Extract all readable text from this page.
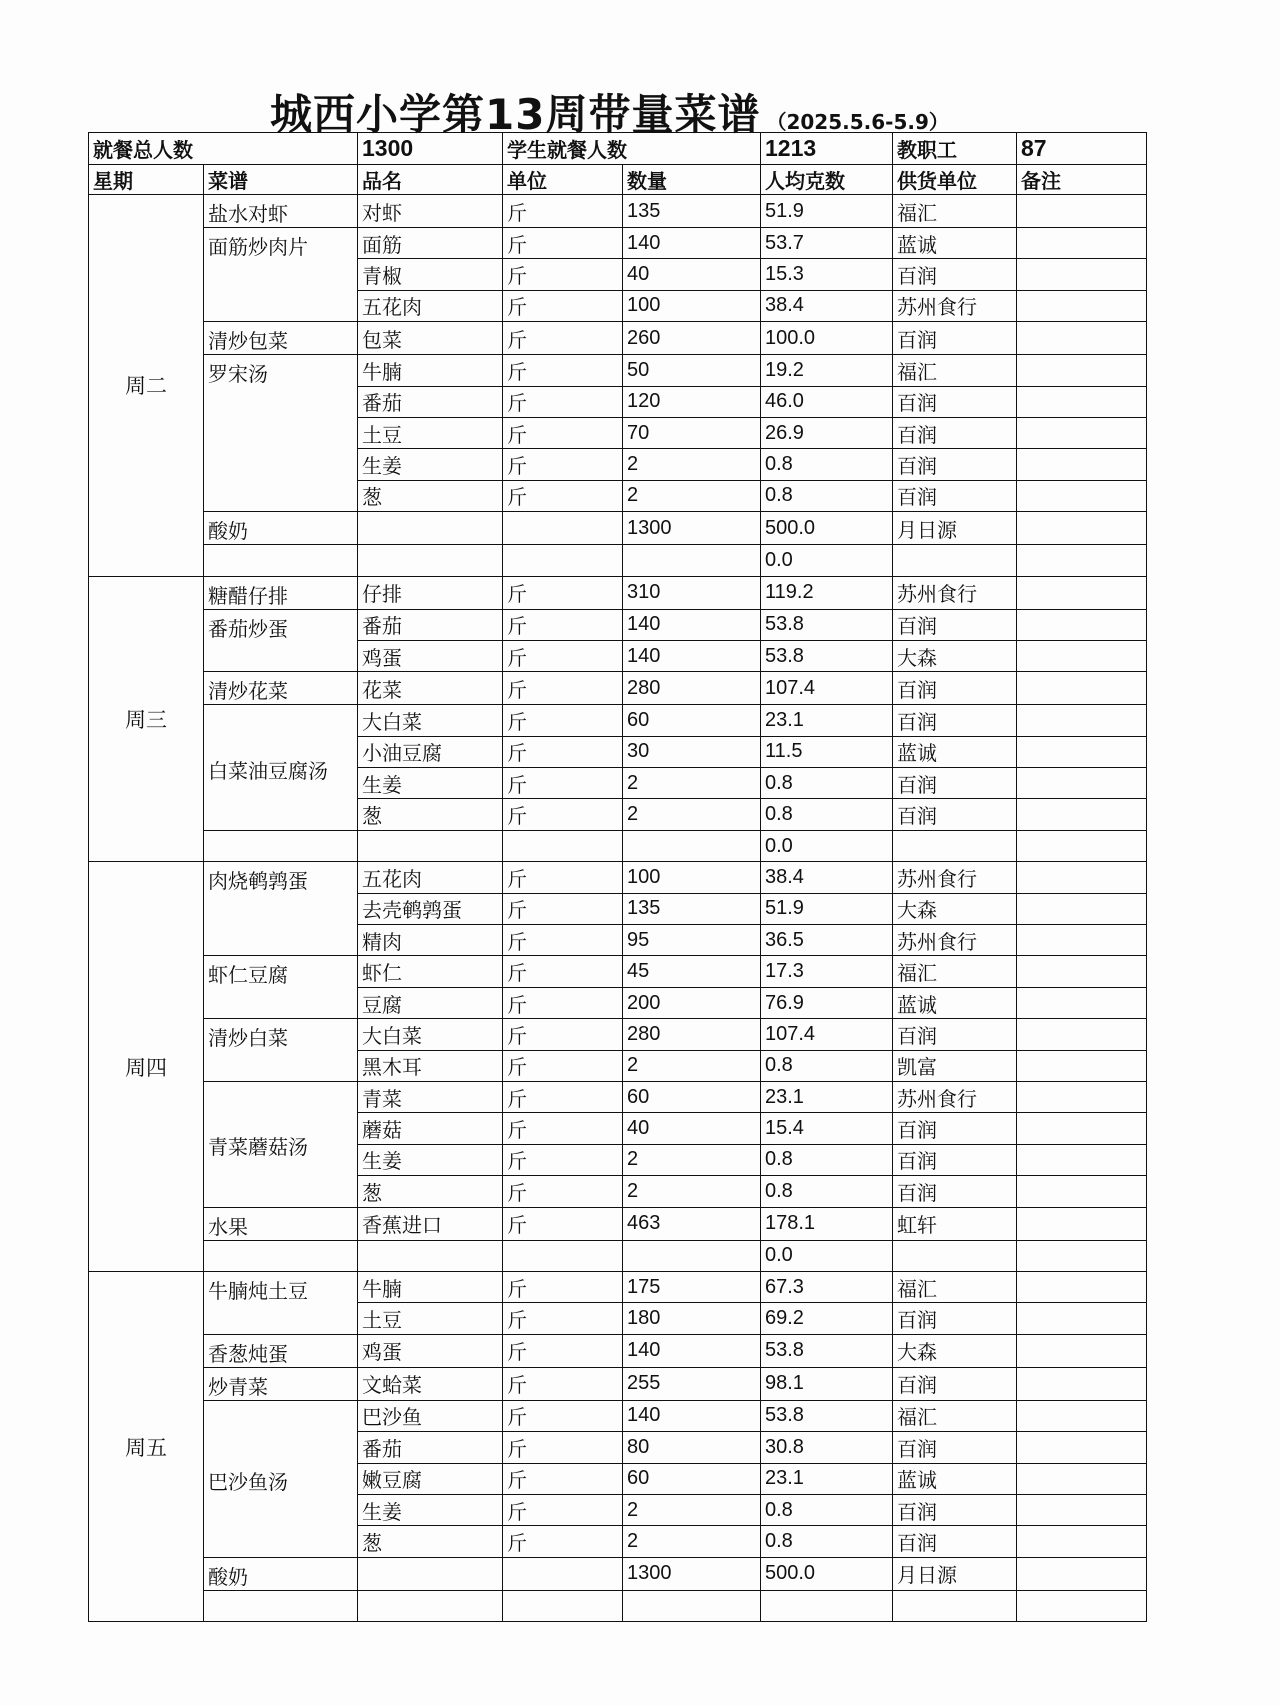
城西小学第13周带量菜谱 （2025.5.6-5.9）
就餐总人数		1300	学生就餐人数		1213	教职工	87
星期	菜谱	品名	单位	数量	人均克数	供货单位	备注
周二	盐水对虾	对虾	斤	135	51.9	福汇	
	面筋炒肉片	面筋	斤	140	53.7	蓝诚	
		青椒	斤	40	15.3	百润	
		五花肉	斤	100	38.4	苏州食行	
	清炒包菜	包菜	斤	260	100.0	百润	
	罗宋汤	牛腩	斤	50	19.2	福汇	
		番茄	斤	120	46.0	百润	
		土豆	斤	70	26.9	百润	
		生姜	斤	2	0.8	百润	
		葱	斤	2	0.8	百润	
	酸奶			1300	500.0	月日源	
					0.0		
周三	糖醋仔排	仔排	斤	310	119.2	苏州食行	
	番茄炒蛋	番茄	斤	140	53.8	百润	
		鸡蛋	斤	140	53.8	大森	
	清炒花菜	花菜	斤	280	107.4	百润	
	白菜油豆腐汤	大白菜	斤	60	23.1	百润	
		小油豆腐	斤	30	11.5	蓝诚	
		生姜	斤	2	0.8	百润	
		葱	斤	2	0.8	百润	
					0.0		
周四	肉烧鹌鹑蛋	五花肉	斤	100	38.4	苏州食行	
		去壳鹌鹑蛋	斤	135	51.9	大森	
		精肉	斤	95	36.5	苏州食行	
	虾仁豆腐	虾仁	斤	45	17.3	福汇	
		豆腐	斤	200	76.9	蓝诚	
	清炒白菜	大白菜	斤	280	107.4	百润	
		黑木耳	斤	2	0.8	凯富	
	青菜蘑菇汤	青菜	斤	60	23.1	苏州食行	
		蘑菇	斤	40	15.4	百润	
		生姜	斤	2	0.8	百润	
		葱	斤	2	0.8	百润	
	水果	香蕉进口	斤	463	178.1	虹轩	
					0.0		
周五	牛腩炖土豆	牛腩	斤	175	67.3	福汇	
		土豆	斤	180	69.2	百润	
	香葱炖蛋	鸡蛋	斤	140	53.8	大森	
	炒青菜	文蛤菜	斤	255	98.1	百润	
	巴沙鱼汤	巴沙鱼	斤	140	53.8	福汇	
		番茄	斤	80	30.8	百润	
		嫩豆腐	斤	60	23.1	蓝诚	
		生姜	斤	2	0.8	百润	
		葱	斤	2	0.8	百润	
	酸奶			1300	500.0	月日源	
